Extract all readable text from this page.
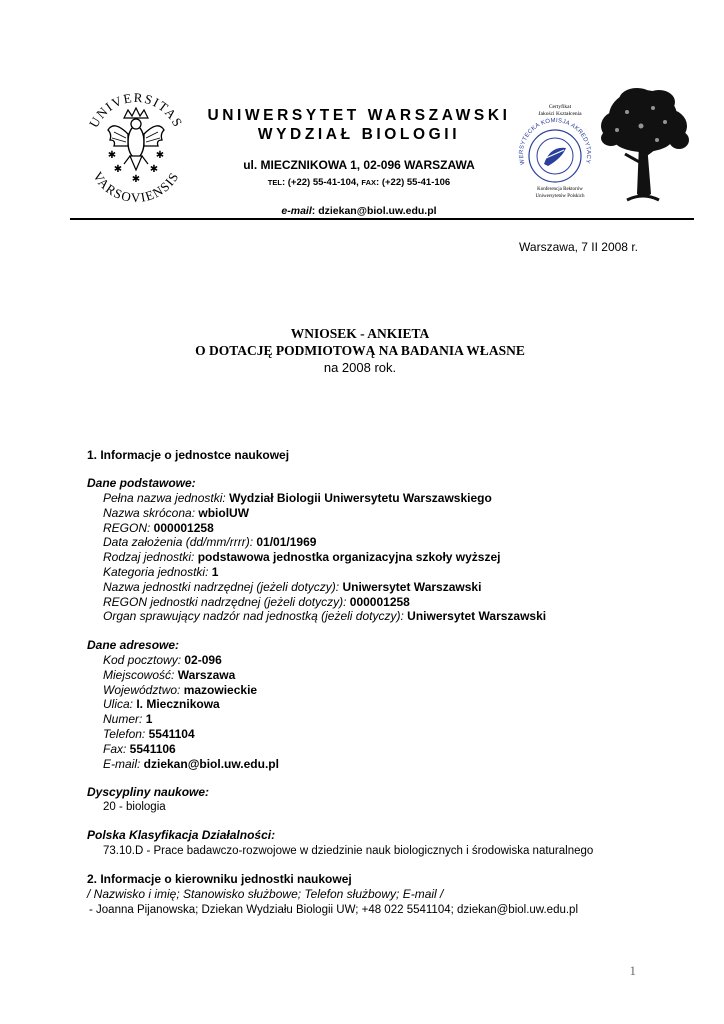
UNIVERSITAS
VARSOVIENSIS
✱	✱
✱	✱
✱
UNIWERSYTET WARSZAWSKI
WYDZIAŁ BIOLOGII
ul. MIECZNIKOWA 1, 02-096 WARSZAWA
TEL: (+22) 55-41-104, FAX: (+22) 55-41-106
e-mail: dziekan@biol.uw.edu.pl
Certyfikat
Jakości Kształcenia
WERSYTECKA KOMISJA AKREDYTACY
Konferencja Rektorów
Uniwersytetów Polskich
Warszawa, 7 II 2008 r.
WNIOSEK - ANKIETA
O DOTACJĘ PODMIOTOWĄ NA BADANIA WŁASNE
na 2008 rok.
1. Informacje o jednostce naukowej
Dane podstawowe:
Pełna nazwa jednostki: Wydział Biologii Uniwersytetu Warszawskiego
Nazwa skrócona: wbiolUW
REGON: 000001258
Data założenia (dd/mm/rrrr): 01/01/1969
Rodzaj jednostki: podstawowa jednostka organizacyjna szkoły wyższej
Kategoria jednostki: 1
Nazwa jednostki nadrzędnej (jeżeli dotyczy): Uniwersytet Warszawski
REGON jednostki nadrzędnej (jeżeli dotyczy): 000001258
Organ sprawujący nadzór nad jednostką (jeżeli dotyczy): Uniwersytet Warszawski
Dane adresowe:
Kod pocztowy: 02-096
Miejscowość: Warszawa
Województwo: mazowieckie
Ulica: I. Miecznikowa
Numer: 1
Telefon: 5541104
Fax: 5541106
E-mail: dziekan@biol.uw.edu.pl
Dyscypliny naukowe:
20 - biologia
Polska Klasyfikacja Działalności:
73.10.D - Prace badawczo-rozwojowe w dziedzinie nauk biologicznych i środowiska naturalnego
2. Informacje o kierowniku jednostki naukowej
/ Nazwisko i imię; Stanowisko służbowe; Telefon służbowy; E-mail /
- Joanna Pijanowska; Dziekan Wydziału Biologii UW; +48 022 5541104; dziekan@biol.uw.edu.pl
1
